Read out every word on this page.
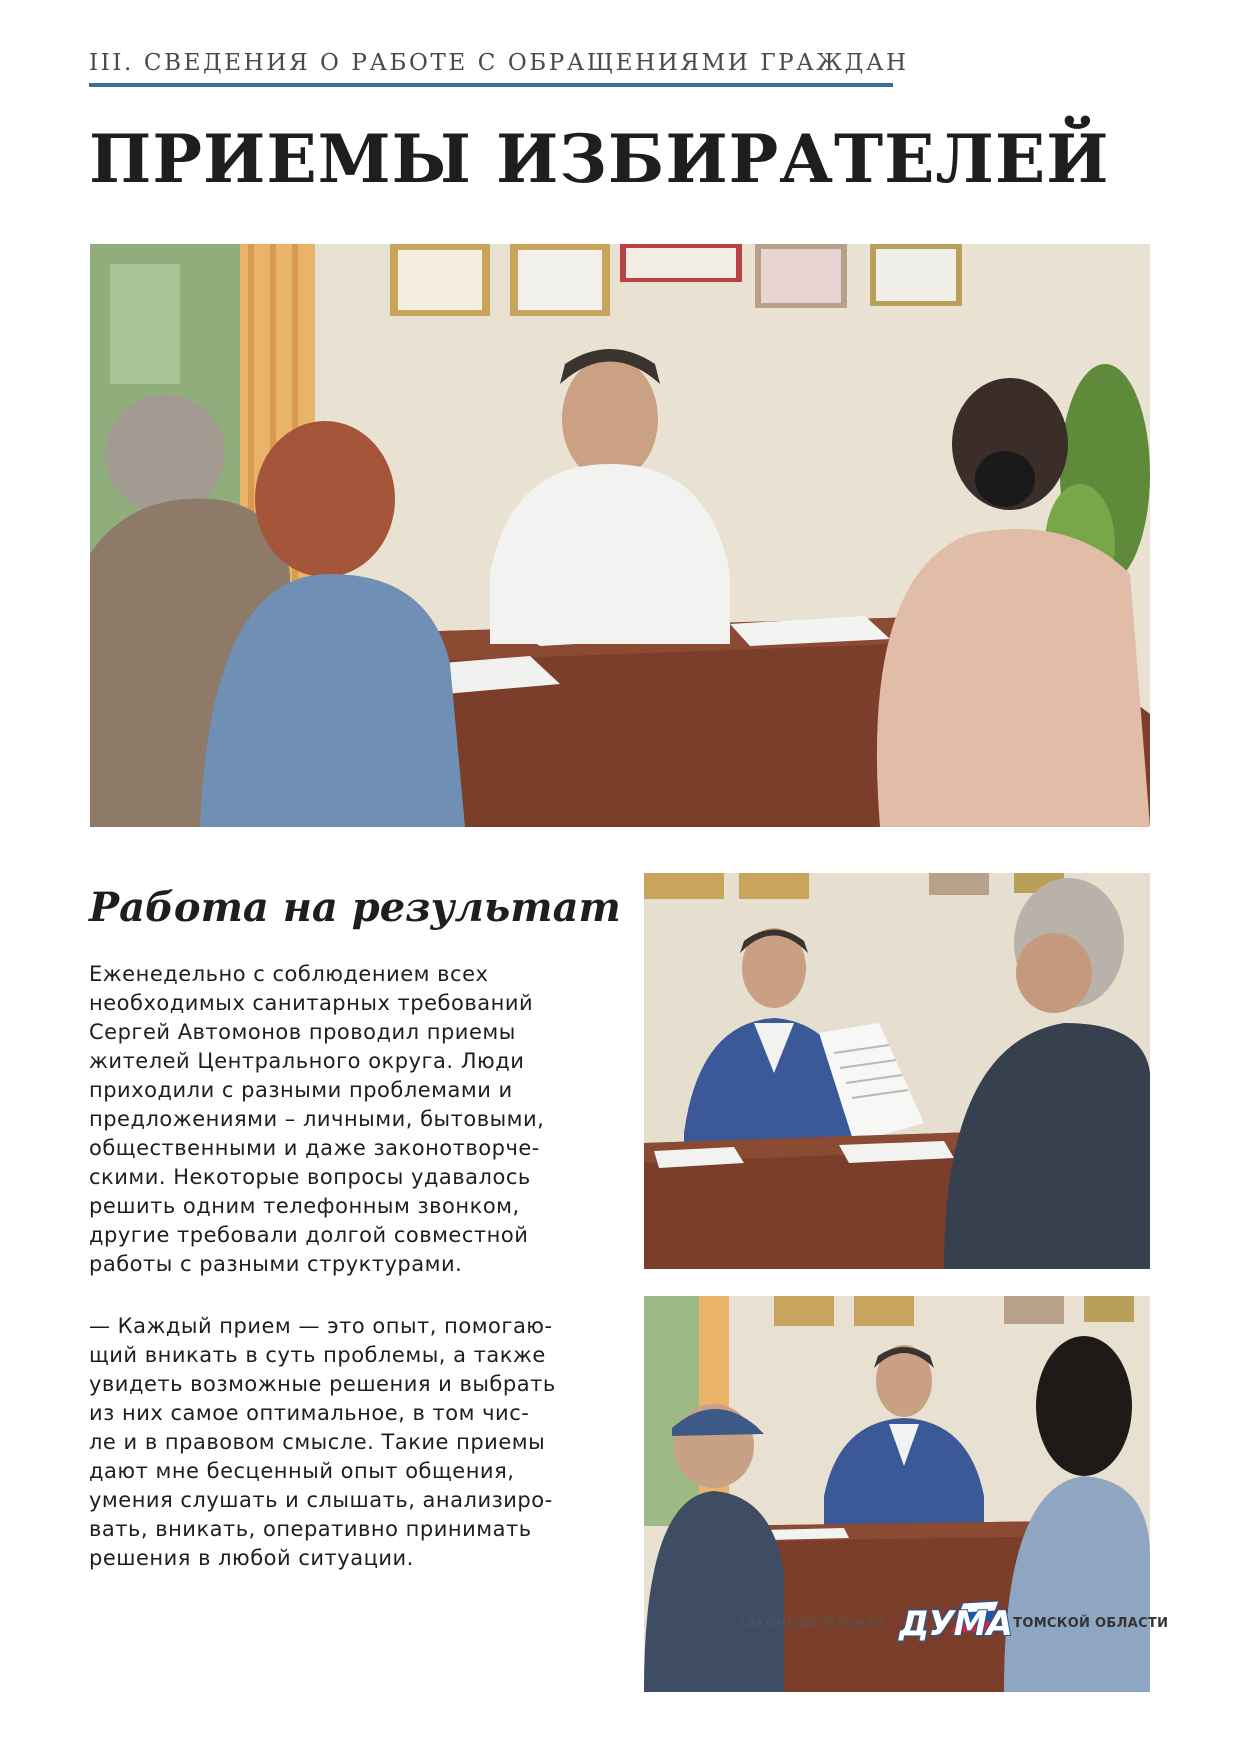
III. СВЕДЕНИЯ О РАБОТЕ С ОБРАЩЕНИЯМИ ГРАЖДАН
ПРИЕМЫ ИЗБИРАТЕЛЕЙ
Работа на результат

Еженедельно с соблюдением всех
необходимых санитарных требований
Сергей Автомонов проводил приемы
жителей Центрального округа. Люди
приходили с разными проблемами и
предложениями – личными, бытовыми,
общественными и даже законотворче-
скими. Некоторые вопросы удавалось
решить одним телефонным звонком,
другие требовали долгой совместной
работы с разными структурами.

— Каждый прием — это опыт, помогаю-
щий вникать в суть проблемы, а также
увидеть возможные решения и выбрать
из них самое оптимальное, в том чис-
ле и в правовом смысле. Такие приемы
дают мне бесценный опыт общения,
умения слушать и слышать, анализиро-
вать, вникать, оперативно принимать
решения в любой ситуации.

ЗАКОНОДАТЕЛЬНАЯ ДУМА ТОМСКОЙ ОБЛАСТИ
